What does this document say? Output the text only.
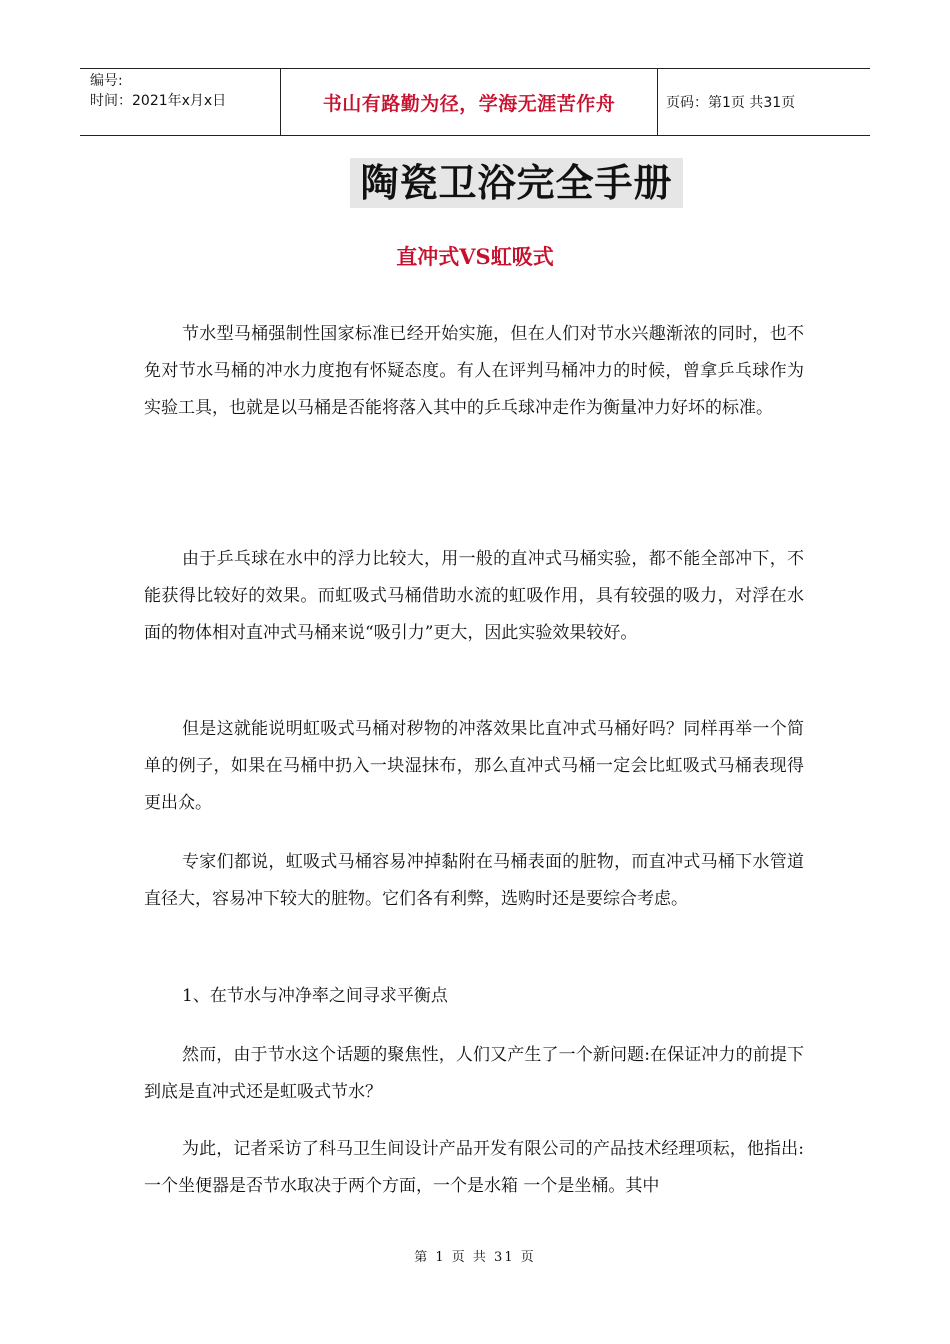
编号:
时间：2021年x月x日	书山有路勤为径，学海无涯苦作舟	页码：第1页 共31页
陶瓷卫浴完全手册
直冲式VS虹吸式

节水型马桶强制性国家标准已经开始实施，但在人们对节水兴趣渐浓的同时，也不免对节水马桶的冲水力度抱有怀疑态度。有人在评判马桶冲力的时候，曾拿乒乓球作为实验工具，也就是以马桶是否能将落入其中的乒乓球冲走作为衡量冲力好坏的标准。

由于乒乓球在水中的浮力比较大，用一般的直冲式马桶实验，都不能全部冲下，不能获得比较好的效果。而虹吸式马桶借助水流的虹吸作用，具有较强的吸力，对浮在水面的物体相对直冲式马桶来说“吸引力”更大，因此实验效果较好。

但是这就能说明虹吸式马桶对秽物的冲落效果比直冲式马桶好吗？同样再举一个简单的例子，如果在马桶中扔入一块湿抹布，那么直冲式马桶一定会比虹吸式马桶表现得更出众。

专家们都说，虹吸式马桶容易冲掉黏附在马桶表面的脏物，而直冲式马桶下水管道直径大，容易冲下较大的脏物。它们各有利弊，选购时还是要综合考虑。

1、在节水与冲净率之间寻求平衡点

然而，由于节水这个话题的聚焦性，人们又产生了一个新问题:在保证冲力的前提下到底是直冲式还是虹吸式节水？

为此，记者采访了科马卫生间设计产品开发有限公司的产品技术经理项耘，他指出:一个坐便器是否节水取决于两个方面，一个是水箱 一个是坐桶。其中

第 1 页 共 31 页
